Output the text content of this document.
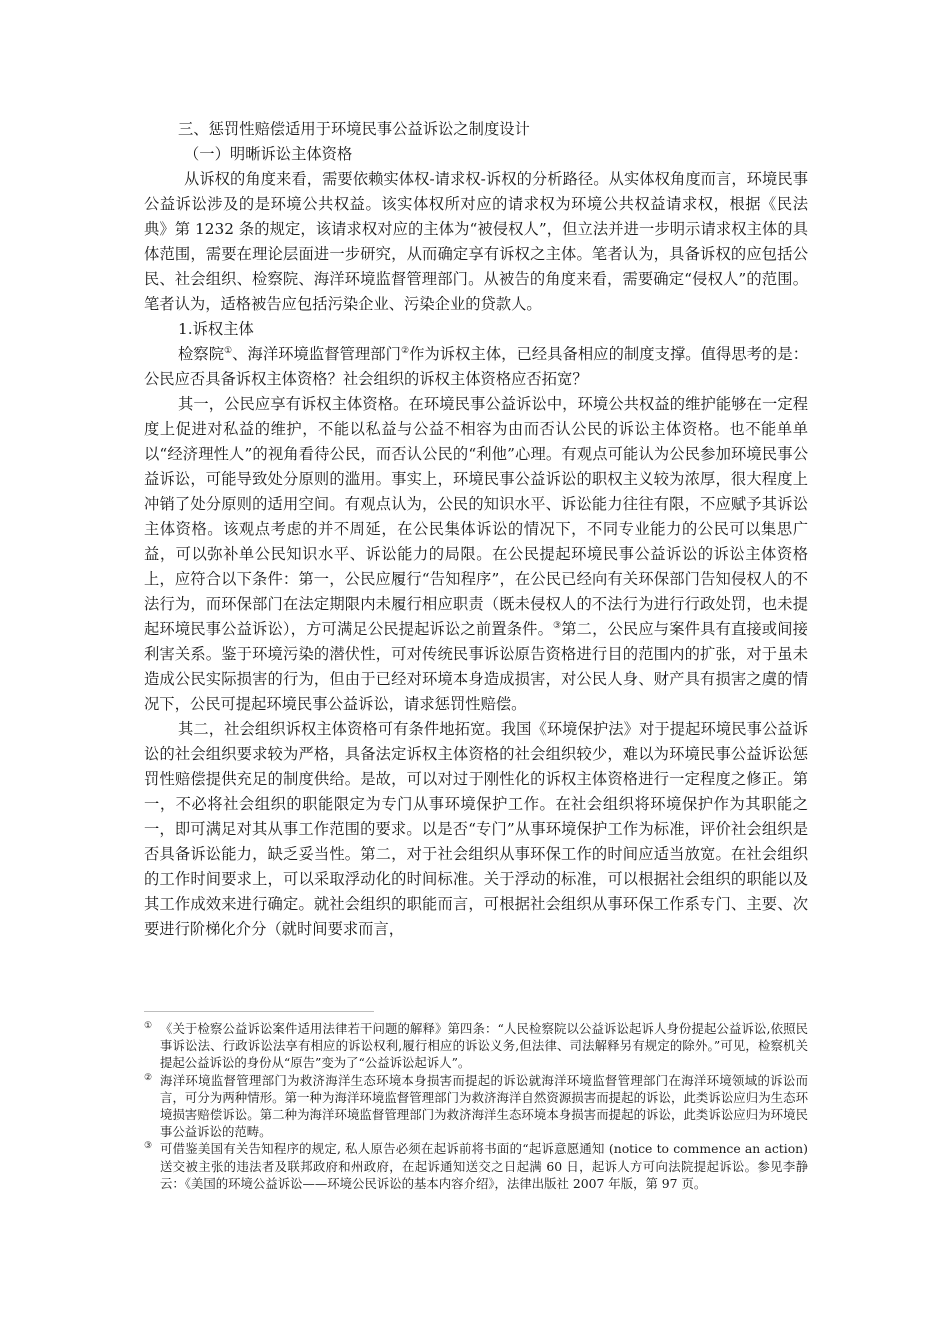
三、惩罚性赔偿适用于环境民事公益诉讼之制度设计

（一）明晰诉讼主体资格

从诉权的角度来看，需要依赖实体权-请求权-诉权的分析路径。从实体权角度而言，环境民事公益诉讼涉及的是环境公共权益。该实体权所对应的请求权为环境公共权益请求权，根据《民法典》第 1232 条的规定，该请求权对应的主体为“被侵权人”，但立法并进一步明示请求权主体的具体范围，需要在理论层面进一步研究，从而确定享有诉权之主体。笔者认为，具备诉权的应包括公民、社会组织、检察院、海洋环境监督管理部门。从被告的角度来看，需要确定“侵权人”的范围。笔者认为，适格被告应包括污染企业、污染企业的贷款人。

1.诉权主体

检察院①、海洋环境监督管理部门②作为诉权主体，已经具备相应的制度支撑。值得思考的是：公民应否具备诉权主体资格？社会组织的诉权主体资格应否拓宽？

其一，公民应享有诉权主体资格。在环境民事公益诉讼中，环境公共权益的维护能够在一定程度上促进对私益的维护，不能以私益与公益不相容为由而否认公民的诉讼主体资格。也不能单单以“经济理性人”的视角看待公民，而否认公民的“利他”心理。有观点可能认为公民参加环境民事公益诉讼，可能导致处分原则的滥用。事实上，环境民事公益诉讼的职权主义较为浓厚，很大程度上冲销了处分原则的适用空间。有观点认为，公民的知识水平、诉讼能力往往有限，不应赋予其诉讼主体资格。该观点考虑的并不周延，在公民集体诉讼的情况下，不同专业能力的公民可以集思广益，可以弥补单公民知识水平、诉讼能力的局限。在公民提起环境民事公益诉讼的诉讼主体资格上，应符合以下条件：第一，公民应履行“告知程序”，在公民已经向有关环保部门告知侵权人的不法行为，而环保部门在法定期限内未履行相应职责（既未侵权人的不法行为进行行政处罚，也未提起环境民事公益诉讼），方可满足公民提起诉讼之前置条件。③第二，公民应与案件具有直接或间接利害关系。鉴于环境污染的潜伏性，可对传统民事诉讼原告资格进行目的范围内的扩张，对于虽未造成公民实际损害的行为，但由于已经对环境本身造成损害，对公民人身、财产具有损害之虞的情况下，公民可提起环境民事公益诉讼，请求惩罚性赔偿。

其二，社会组织诉权主体资格可有条件地拓宽。我国《环境保护法》对于提起环境民事公益诉讼的社会组织要求较为严格，具备法定诉权主体资格的社会组织较少，难以为环境民事公益诉讼惩罚性赔偿提供充足的制度供给。是故，可以对过于刚性化的诉权主体资格进行一定程度之修正。第一，不必将社会组织的职能限定为专门从事环境保护工作。在社会组织将环境保护作为其职能之一，即可满足对其从事工作范围的要求。以是否“专门”从事环境保护工作为标准，评价社会组织是否具备诉讼能力，缺乏妥当性。第二，对于社会组织从事环保工作的时间应适当放宽。在社会组织的工作时间要求上，可以采取浮动化的时间标准。关于浮动的标准，可以根据社会组织的职能以及其工作成效来进行确定。就社会组织的职能而言，可根据社会组织从事环保工作系专门、主要、次要进行阶梯化介分（就时间要求而言，

① 《关于检察公益诉讼案件适用法律若干问题的解释》第四条：“人民检察院以公益诉讼起诉人身份提起公益诉讼,依照民事诉讼法、行政诉讼法享有相应的诉讼权利,履行相应的诉讼义务,但法律、司法解释另有规定的除外。”可见，检察机关提起公益诉讼的身份从“原告”变为了“公益诉讼起诉人”。

② 海洋环境监督管理部门为救济海洋生态环境本身损害而提起的诉讼就海洋环境监督管理部门在海洋环境领域的诉讼而言，可分为两种情形。第一种为海洋环境监督管理部门为救济海洋自然资源损害而提起的诉讼，此类诉讼应归为生态环境损害赔偿诉讼。第二种为海洋环境监督管理部门为救济海洋生态环境本身损害而提起的诉讼，此类诉讼应归为环境民事公益诉讼的范畴。

③ 可借鉴美国有关告知程序的规定, 私人原告必须在起诉前将书面的“起诉意愿通知 (notice to commence an action)送交被主张的违法者及联邦政府和州政府，在起诉通知送交之日起满 60 日，起诉人方可向法院提起诉讼。参见李静云：《美国的环境公益诉讼——环境公民诉讼的基本内容介绍》，法律出版社 2007 年版，第 97 页。
